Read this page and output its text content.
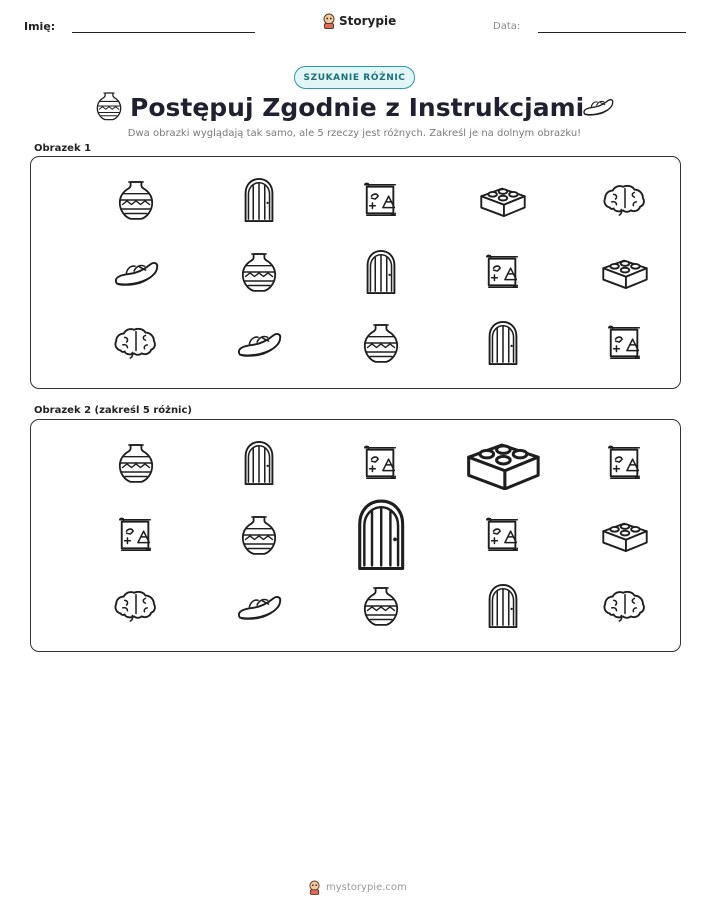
Imię:	Storypie	Data:
SZUKANIE RÓŻNIC
Postępuj Zgodnie z Instrukcjami
Dwa obrazki wyglądają tak samo, ale 5 rzeczy jest różnych. Zakreśl je na dolnym obrazku!
Obrazek 1
Obrazek 2 (zakreśl 5 różnic)
mystorypie.com
